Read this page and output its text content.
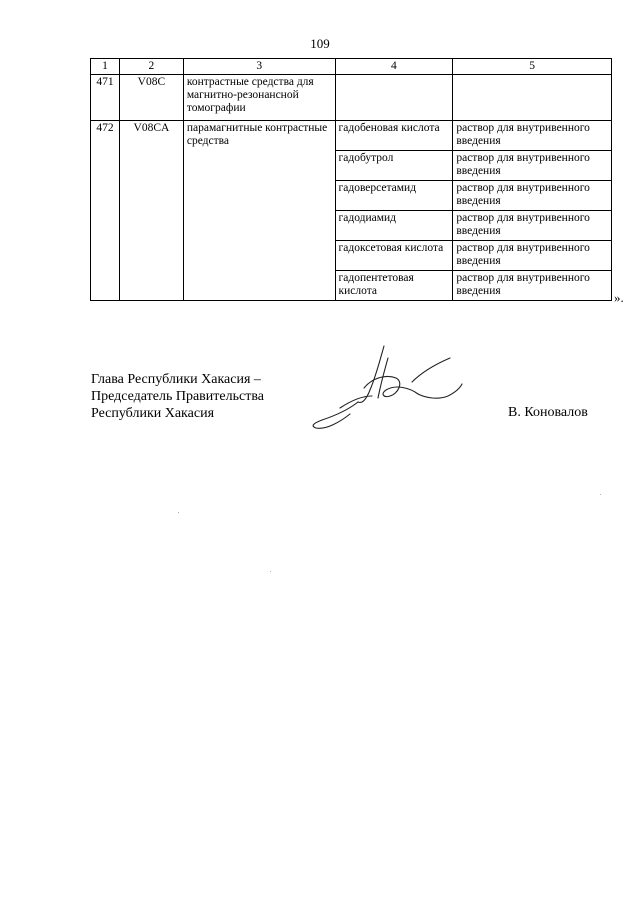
109
1	2	3	4	5
471	V08C	контрастные средства для магнитно-резонансной томографии		
472	V08CA	парамагнитные контрастные средства	гадобеновая кислота	раствор для внутривенного введения
			гадобутрол	раствор для внутривенного введения
			гадоверсетамид	раствор для внутривенного введения
			гадодиамид	раствор для внутривенного введения
			гадоксетовая кислота	раствор для внутривенного введения
			гадопентетовая кислота	раствор для внутривенного введения	».
Глава Республики Хакасия –
Председатель Правительства
Республики Хакасия	В. Коновалов
